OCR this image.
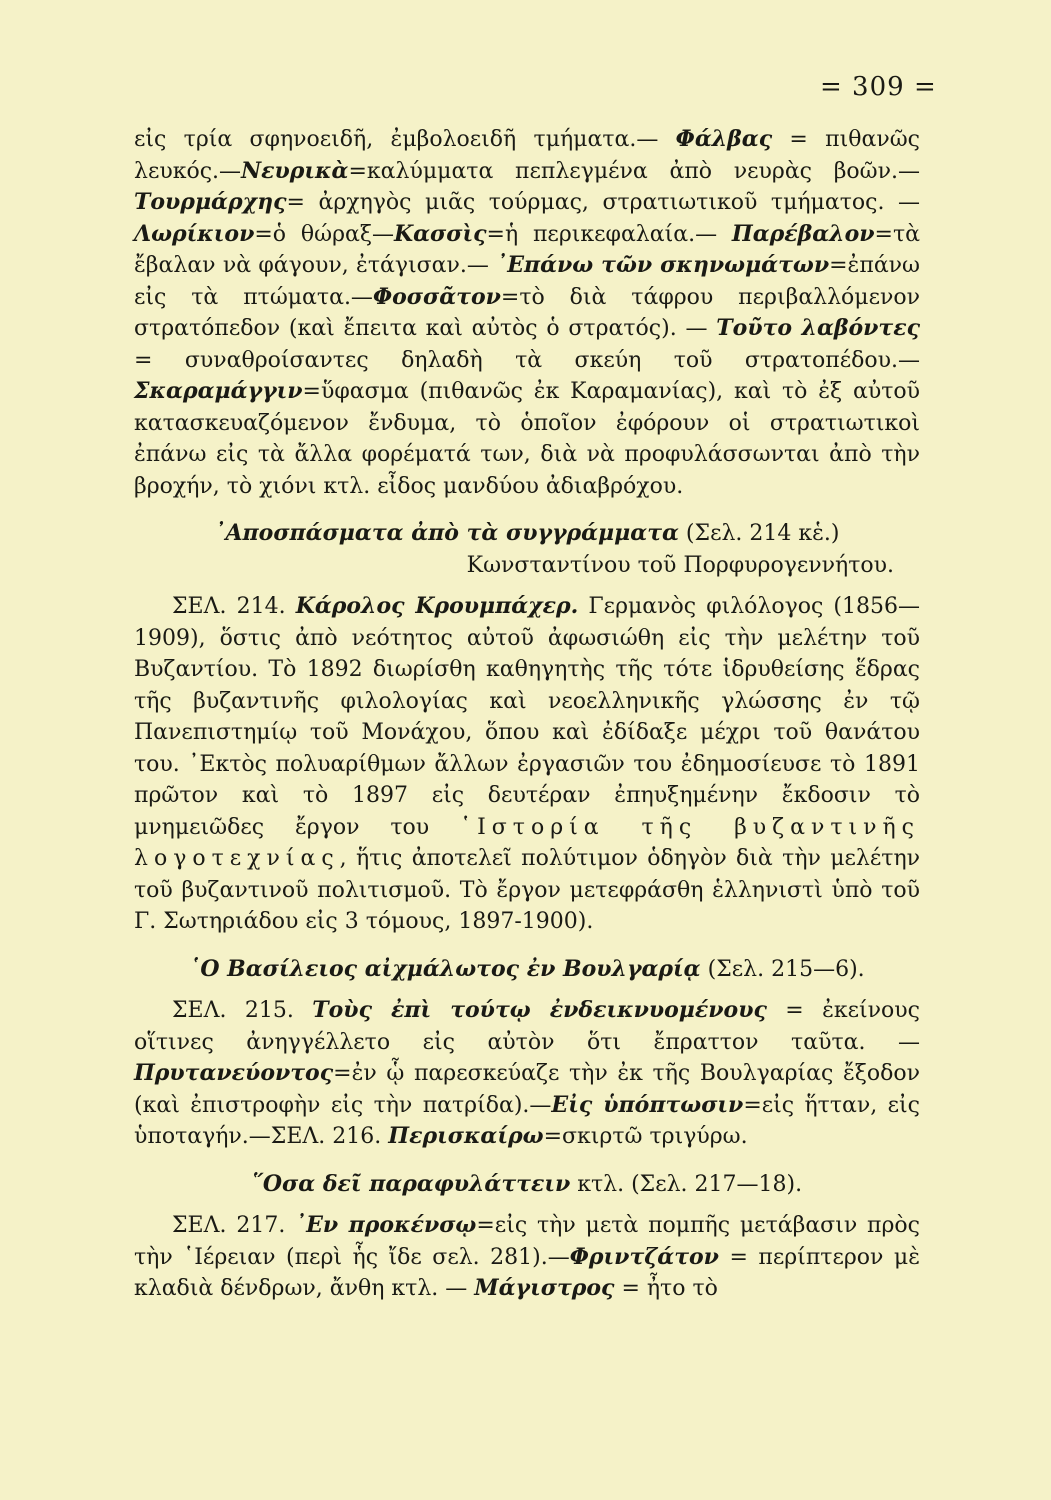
= 309 =

εἰς τρία σφηνοειδῆ, ἐμβολοειδῆ τμήματα.— Φάλβας = πιθανῶς λευκός.—Νευρικὰ=καλύμματα πεπλεγμένα ἀπὸ νευρὰς βοῶν.— Τουρμάρχης= ἀρχηγὸς μιᾶς τούρμας, στρατιωτικοῦ τμήματος. —Λωρίκιον=ὁ θώραξ—Κασσὶς=ἡ περικεφαλαία.— Παρέβαλον=τὰ ἔβαλαν νὰ φάγουν, ἐτάγισαν.— ᾿Επάνω τῶν σκηνωμάτων=ἐπάνω εἰς τὰ πτώματα.—Φοσσᾶτον=τὸ διὰ τάφρου περιβαλλόμενον στρατόπεδον (καὶ ἔπειτα καὶ αὐτὸς ὁ στρατός). — Τοῦτο λαβόντες = συναθροίσαντες δηλαδὴ τὰ σκεύη τοῦ στρατοπέδου.—Σκαραμάγγιν=ὕφασμα (πιθανῶς ἐκ Καραμανίας), καὶ τὸ ἐξ αὐτοῦ κατασκευαζόμενον ἔνδυμα, τὸ ὁποῖον ἐφόρουν οἱ στρατιωτικοὶ ἐπάνω εἰς τὰ ἄλλα φορέματά των, διὰ νὰ προφυλάσσωνται ἀπὸ τὴν βροχήν, τὸ χιόνι κτλ. εἶδος μανδύου ἀδιαβρόχου.

᾿Αποσπάσματα ἀπὸ τὰ συγγράμματα (Σελ. 214 κἑ.)

Κωνσταντίνου τοῦ Πορφυρογεννήτου.

ΣΕΛ. 214. Κάρολος Κρουμπάχερ. Γερμανὸς φιλόλογος (1856—1909), ὅστις ἀπὸ νεότητος αὐτοῦ ἀφωσιώθη εἰς τὴν μελέτην τοῦ Βυζαντίου. Τὸ 1892 διωρίσθη καθηγητὴς τῆς τότε ἱδρυθείσης ἕδρας τῆς βυζαντινῆς φιλολογίας καὶ νεοελληνικῆς γλώσσης ἐν τῷ Πανεπιστημίῳ τοῦ Μονάχου, ὅπου καὶ ἐδίδαξε μέχρι τοῦ θανάτου του. ᾿Εκτὸς πολυαρίθμων ἄλλων ἐργασιῶν του ἐδημοσίευσε τὸ 1891 πρῶτον καὶ τὸ 1897 εἰς δευτέραν ἐπηυξημένην ἔκδοσιν τὸ μνημειῶδες ἔργον του ῾Ιστορία τῆς βυζαντινῆς λογοτεχνίας, ἥτις ἀποτελεῖ πολύτιμον ὁδηγὸν διὰ τὴν μελέτην τοῦ βυζαντινοῦ πολιτισμοῦ. Τὸ ἔργον μετεφράσθη ἑλληνιστὶ ὑπὸ τοῦ Γ. Σωτηριάδου εἰς 3 τόμους, 1897-1900).

῾Ο Βασίλειος αἰχμάλωτος ἐν Βουλγαρίᾳ (Σελ. 215—6).

ΣΕΛ. 215. Τοὺς ἐπὶ τούτῳ ἐνδεικνυομένους = ἐκείνους οἵτινες ἀνηγγέλλετο εἰς αὐτὸν ὅτι ἔπραττον ταῦτα. — Πρυτανεύοντος=ἐν ᾧ παρεσκεύαζε τὴν ἐκ τῆς Βουλγαρίας ἔξοδον (καὶ ἐπιστροφὴν εἰς τὴν πατρίδα).—Εἰς ὑπόπτωσιν=εἰς ἥτταν, εἰς ὑποταγήν.—ΣΕΛ. 216. Περισκαίρω=σκιρτῶ τριγύρω.

῞Οσα δεῖ παραφυλάττειν κτλ. (Σελ. 217—18).

ΣΕΛ. 217. ᾿Εν προκένσῳ=εἰς τὴν μετὰ πομπῆς μετάβασιν πρὸς τὴν ῾Ιέρειαν (περὶ ἧς ἴδε σελ. 281).—Φριντζάτον = περίπτερον μὲ κλαδιὰ δένδρων, ἄνθη κτλ. — Μάγιστρος = ἦτο τὸ
